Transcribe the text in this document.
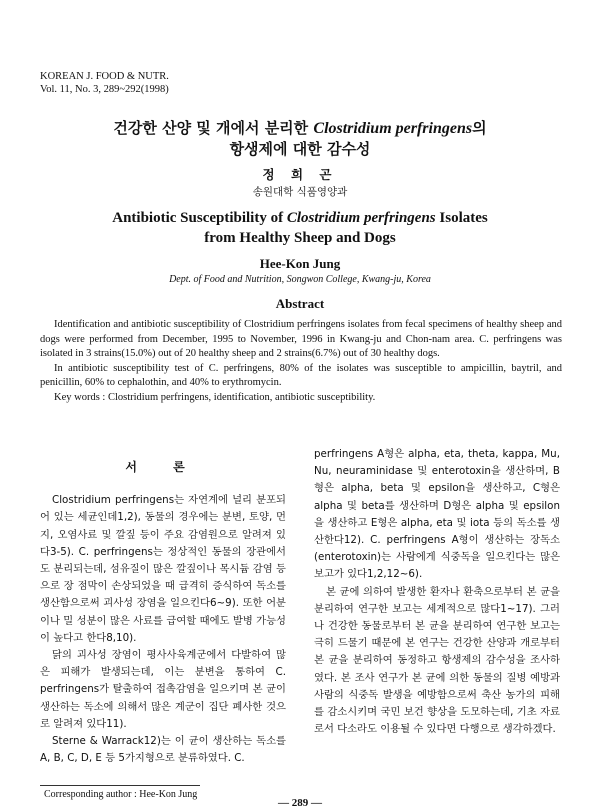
KOREAN J. FOOD & NUTR.
Vol. 11, No. 3, 289~292(1998)
건강한 산양 및 개에서 분리한 Clostridium perfringens의
항생제에 대한 감수성
정 희 곤
송원대학 식품영양과
Antibiotic Susceptibility of Clostridium perfringens Isolates
from Healthy Sheep and Dogs
Hee-Kon Jung
Dept. of Food and Nutrition, Songwon College, Kwang-ju, Korea
Abstract

Identification and antibiotic susceptibility of Clostridium perfringens isolates from fecal specimens of healthy sheep and dogs were performed from December, 1995 to November, 1996 in Kwang-ju and Chon-nam area. C. perfringens was isolated in 3 strains(15.0%) out of 20 healthy sheep and 2 strains(6.7%) out of 30 healthy dogs.

In antibiotic susceptibility test of C. perfringens, 80% of the isolates was susceptible to ampicillin, baytril, and penicillin, 60% to cephalothin, and 40% to erythromycin.

Key words : Clostridium perfringens, identification, antibiotic susceptibility.

서 론

Clostridium perfringens는 자연계에 널리 분포되어 있는 세균인데1,2), 동물의 경우에는 분변, 토양, 먼지, 오염사료 및 깔짚 등이 주요 감염원으로 알려져 있다3-5). C. perfringens는 정상적인 동물의 장관에서도 분리되는데, 섬유질이 많은 깔짚이나 목시듐 감염 등으로 장 점막이 손상되었을 때 급격히 증식하여 독소를 생산함으로써 괴사성 장염을 일으킨다6~9). 또한 어분이나 밀 성분이 많은 사료를 급여할 때에도 발병 가능성이 높다고 한다8,10).

닭의 괴사성 장염이 평사사육계군에서 다발하여 많은 피해가 발생되는데, 이는 분변을 통하여 C. perfringens가 탈출하여 접촉감염을 일으키며 본 균이 생산하는 독소에 의해서 많은 계군이 집단 폐사한 것으로 알려져 있다11).

Sterne & Warrack12)는 이 균이 생산하는 독소를 A, B, C, D, E 등 5가지형으로 분류하였다. C.

perfringens A형은 alpha, eta, theta, kappa, Mu, Nu, neuraminidase 및 enterotoxin을 생산하며, B형은 alpha, beta 및 epsilon을 생산하고, C형은 alpha 및 beta를 생산하며 D형은 alpha 및 epsilon을 생산하고 E형은 alpha, eta 및 iota 등의 독소를 생산한다12). C. perfringens A형이 생산하는 장독소(enterotoxin)는 사람에게 식중독을 일으킨다는 많은 보고가 있다1,2,12~6).

본 균에 의하여 발생한 환자나 환축으로부터 본 균을 분리하여 연구한 보고는 세계적으로 많다1~17). 그러나 건강한 동물로부터 본 균을 분리하여 연구한 보고는 극히 드물기 때문에 본 연구는 건강한 산양과 개로부터 본 균을 분리하여 동정하고 항생제의 감수성을 조사하였다. 본 조사 연구가 본 균에 의한 동물의 질병 예방과 사람의 식중독 발생을 예방함으로써 축산 농가의 피해를 감소시키며 국민 보건 향상을 도모하는데, 기초 자료로서 다소라도 이용될 수 있다면 다행으로 생각하겠다.

Corresponding author : Hee-Kon Jung
— 289 —
